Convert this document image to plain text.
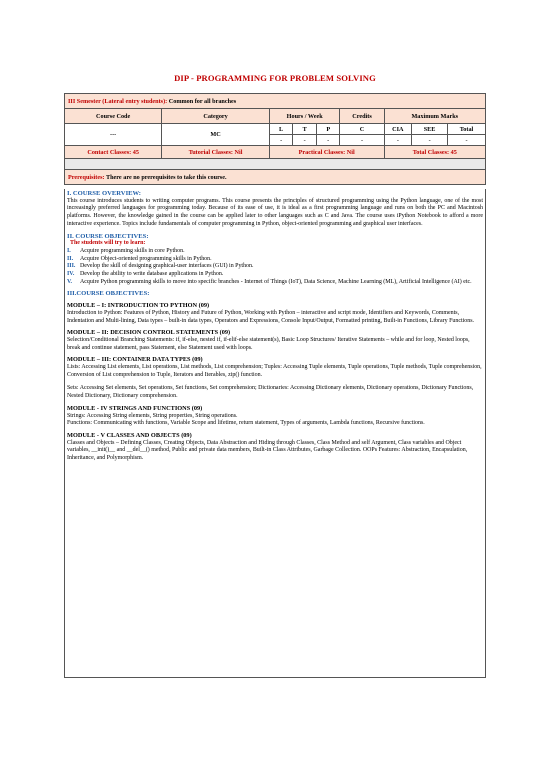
DIP - PROGRAMMING FOR PROBLEM SOLVING
III Semester (Lateral entry students): Common for all branches								
Course Code	Category	Hours / Week			Credits	Maximum Marks		
---	MC	L	T	P	C	CIA	SEE	Total
		-	-	-	-	-	-	-
Contact Classes: 45	Tutorial Classes: Nil	Practical Classes: Nil				Total Classes: 45		

Prerequisites: There are no prerequisites to take this course.								
I. COURSE OVERVIEW:
This course introduces students to writing computer programs. This course presents the principles of structured programming using the Python language, one of the most increasingly preferred languages for programming today. Because of its ease of use, it is ideal as a first programming language and runs on both the PC and Macintosh platforms. However, the knowledge gained in the course can be applied later to other languages such as C and Java. The course uses iPython Notebook to afford a more interactive experience. Topics include fundamentals of computer programming in Python, object-oriented programming and graphical user interfaces.
II. COURSE OBJECTIVES:
The students will try to learn:
I.	Acquire programming skills in core Python.
II.	Acquire Object-oriented programming skills in Python.
III. Develop the skill of designing graphical-user interfaces (GUI) in Python.
IV. Develop the ability to write database applications in Python.
V.	Acquire Python programming skills to move into specific branches - Internet of Things (IoT), Data Science, Machine Learning (ML), Artificial Intelligence (AI) etc.
III.COURSE OBJECTIVES:
MODULE – I: INTRODUCTION TO PYTHON (09)
Introduction to Python: Features of Python, History and Future of Python, Working with Python – interactive and script mode, Identifiers and Keywords, Comments, Indentation and Multi-lining, Data types – built-in data types, Operators and Expressions, Console Input/Output, Formatted printing, Built-in Functions, Library Functions.
MODULE – II: DECISION CONTROL STATEMENTS (09)
Selection/Conditional Branching Statements: if, if-else, nested if, if-elif-else statement(s), Basic Loop Structures/ Iterative Statements – while and for loop, Nested loops, break and continue statement, pass Statement, else Statement used with loops.
MODULE – III: CONTAINER DATA TYPES (09)
Lists: Accessing List elements, List operations, List methods, List comprehension; Tuples: Accessing Tuple elements, Tuple operations, Tuple methods, Tuple comprehension, Conversion of List comprehension to Tuple, Iterators and Iterables, zip() function.
Sets: Accessing Set elements, Set operations, Set functions, Set comprehension; Dictionaries: Accessing Dictionary elements, Dictionary operations, Dictionary Functions, Nested Dictionary, Dictionary comprehension.
MODULE - IV STRINGS AND FUNCTIONS (09)
Strings: Accessing String elements, String properties, String operations.
Functions: Communicating with functions, Variable Scope and lifetime, return statement, Types of arguments, Lambda functions, Recursive functions.
MODULE - V CLASSES AND OBJECTS (09)
Classes and Objects – Defining Classes, Creating Objects, Data Abstraction and Hiding through Classes, Class Method and self Argument, Class variables and Object variables, __init()__ and __del__() method, Public and private data members, Built-in Class Attributes, Garbage Collection. OOPs Features: Abstraction, Encapsulation, Inheritance, and Polymorphism.
